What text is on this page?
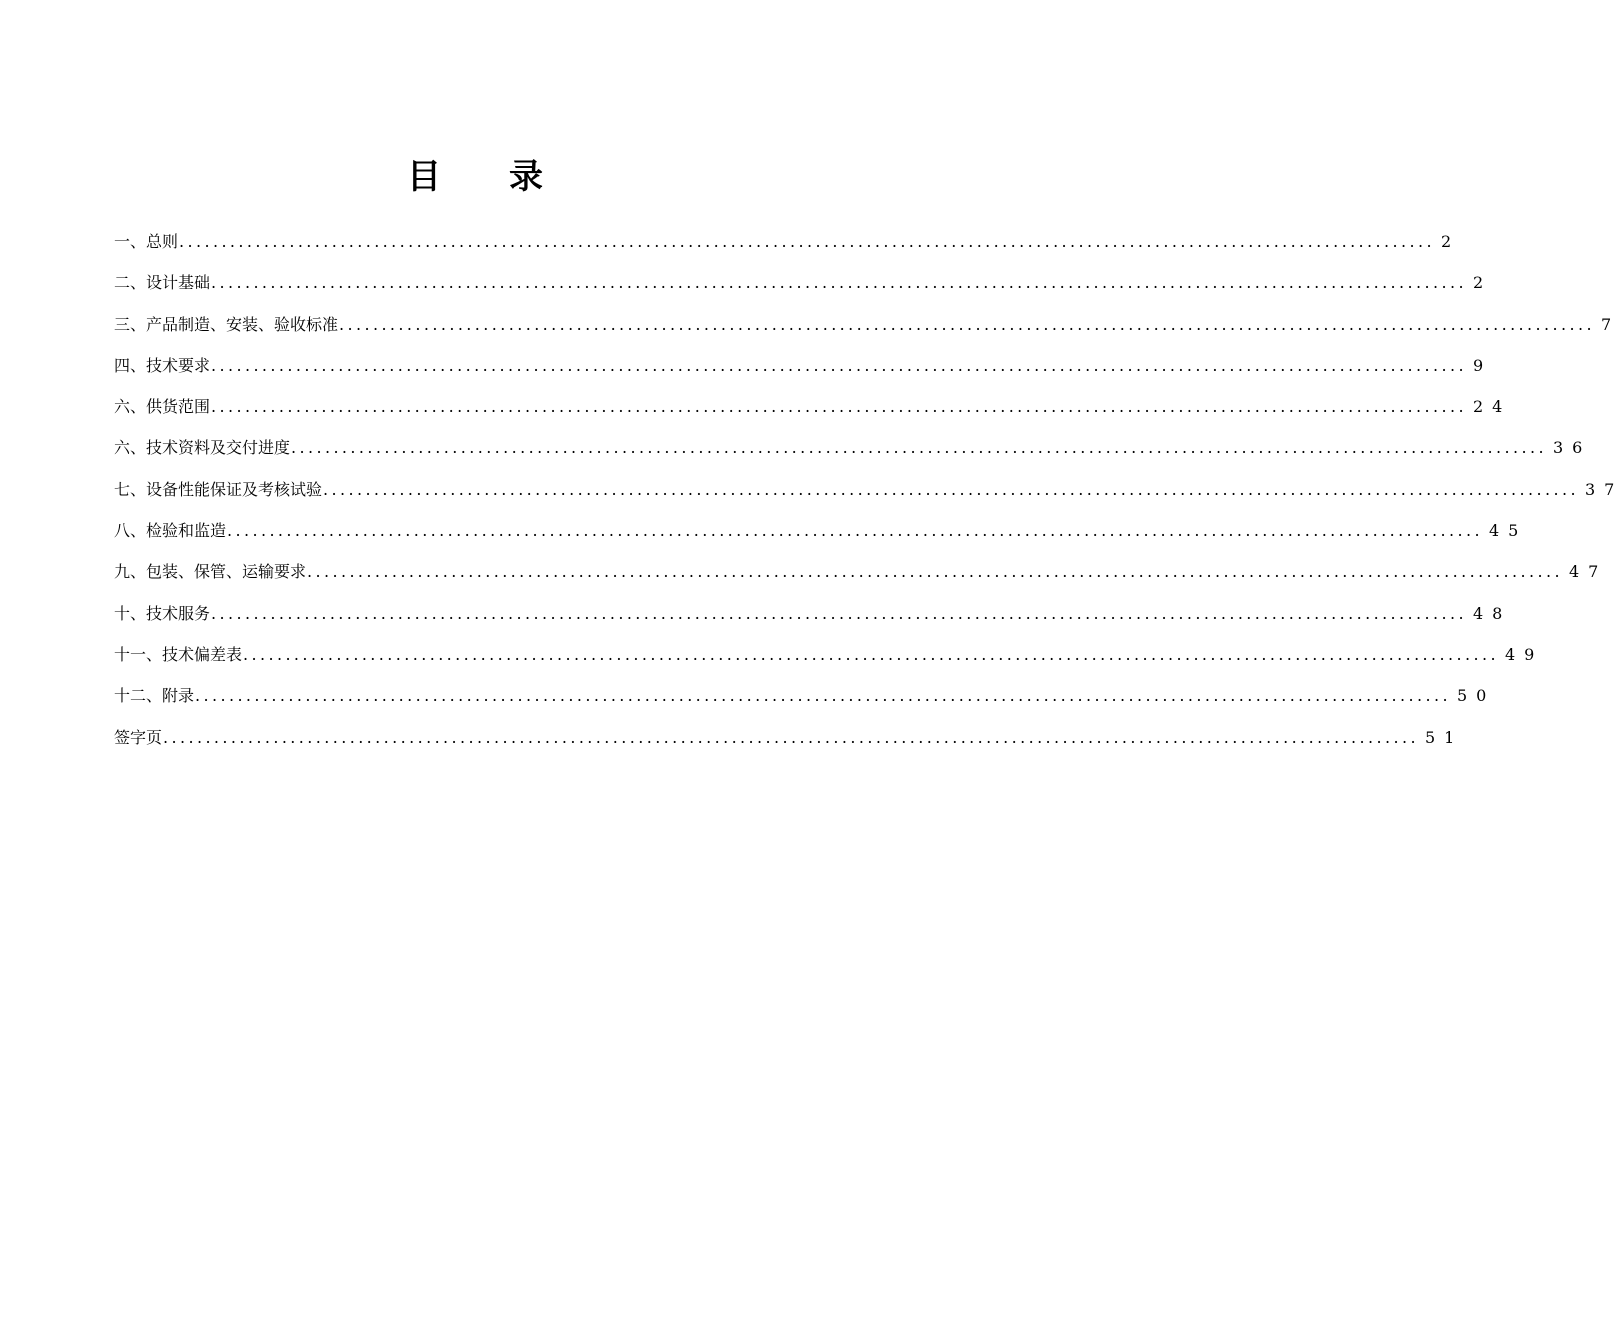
目录
一、总则 .....	2
二、设计基础 .....	2
三、产品制造、安装、验收标准 .....	7
四、技术要求 .....	9
六、供货范围 .....	24
六、技术资料及交付进度 .....	36
七、设备性能保证及考核试验 .....	37
八、检验和监造 .....	45
九、包装、保管、运输要求 .....	47
十、技术服务 .....	48
十一、技术偏差表 .....	49
十二、附录 .....	50
签字页 .....	51
